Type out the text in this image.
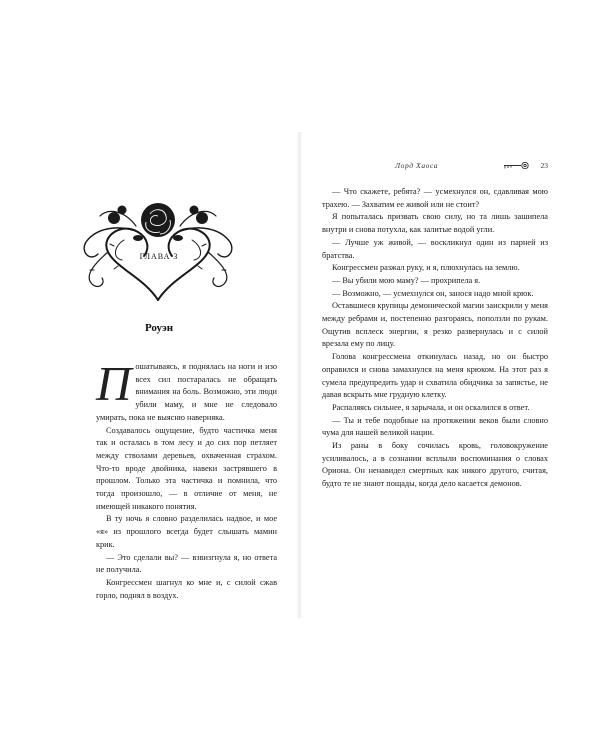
ГЛАВА 3
Роуэн

Пошатываясь, я поднялась на ноги и изо всех сил постаралась не обращать внимания на боль. Возможно, эти люди убили маму, и мне не следовало умирать, пока не выясню наверняка.

Создавалось ощущение, будто частичка меня так и осталась в том лесу и до сих пор петляет между стволами деревьев, охваченная страхом. Что-то вроде двойника, навеки застрявшего в прошлом. Только эта частичка и помнила, что тогда произошло, — в отличие от меня, не имеющей никакого понятия.

В ту ночь я словно разделилась надвое, и мое «я» из прошлого всегда будет слышать мамин крик.

— Это сделали вы? — взвизгнула я, но ответа не получила.

Конгрессмен шагнул ко мне и, с силой сжав горло, поднял в воздух.

Лорд Хаоса	23

— Что скажете, ребята? — усмехнулся он, сдавливая мою трахею. — Захватим ее живой или не стоит?

Я попыталась призвать свою силу, но та лишь зашипела внутри и снова потухла, как залитые водой угли.

— Лучше уж живой, — воскликнул один из парней из братства.

Конгрессмен разжал руку, и я, плюхнулась на землю.

— Вы убили мою маму? — прохрипела я.

— Возможно, — усмехнулся он, занося надо мной крюк.

Оставшиеся крупицы демонической магии заискрили у меня между ребрами и, постепенно разгораясь, поползли по рукам. Ощутив всплеск энергии, я резко развернулась и с силой врезала ему по лицу.

Голова конгрессмена откинулась назад, но он быстро оправился и снова замахнулся на меня крюком. На этот раз я сумела предупредить удар и схватила обидчика за запястье, не давая вскрыть мне грудную клетку.

Распаляясь сильнее, я зарычала, и он оскалился в ответ.

— Ты и тебе подобные на протяжении веков были словно чума для нашей великой нации.

Из раны в боку сочилась кровь, головокружение усиливалось, а в сознании всплыли воспоминания о словах Ориона. Он ненавидел смертных как никого другого, считая, будто те не знают пощады, когда дело касается демонов.
